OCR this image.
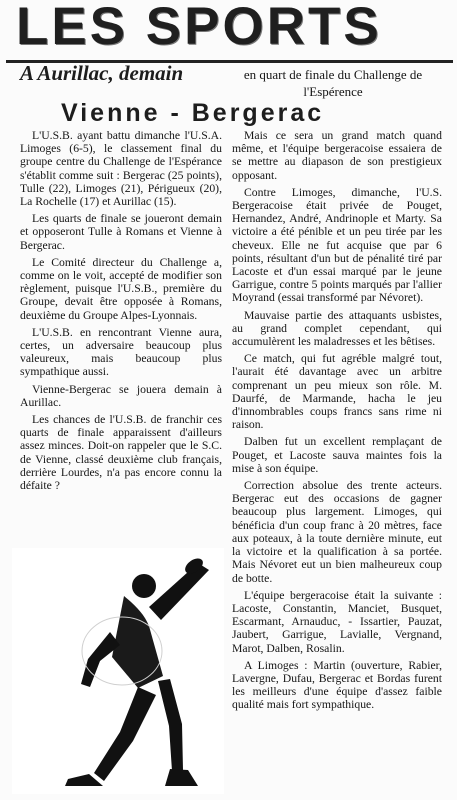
LES SPORTS
A Aurillac, demain	en quart de finale du Challenge de l'Espérence
Vienne - Bergerac

L'U.S.B. ayant battu dimanche l'U.S.A. Limoges (6-5), le classement final du groupe centre du Challenge de l'Espérance s'établit comme suit : Bergerac (25 points), Tulle (22), Limoges (21), Périgueux (20), La Rochelle (17) et Aurillac (15).

Les quarts de finale se joueront demain et opposeront Tulle à Romans et Vienne à Bergerac.

Le Comité directeur du Challenge a, comme on le voit, accepté de modifier son règlement, puisque l'U.S.B., première du Groupe, devait être opposée à Romans, deuxième du Groupe Alpes-Lyonnais.

L'U.S.B. en rencontrant Vienne aura, certes, un adversaire beaucoup plus valeureux, mais beaucoup plus sympathique aussi.

Vienne-Bergerac se jouera demain à Aurillac.

Les chances de l'U.S.B. de franchir ces quarts de finale apparaissent d'ailleurs assez minces. Doit-on rappeler que le S.C. de Vienne, classé deuxième club français, derrière Lourdes, n'a pas encore connu la défaite ?

Mais ce sera un grand match quand même, et l'équipe bergeracoise essaiera de se mettre au diapason de son prestigieux opposant.

Contre Limoges, dimanche, l'U.S. Bergeracoise était privée de Pouget, Hernandez, André, Andrinople et Marty. Sa victoire a été pénible et un peu tirée par les cheveux. Elle ne fut acquise que par 6 points, résultant d'un but de pénalité tiré par Lacoste et d'un essai marqué par le jeune Garrigue, contre 5 points marqués par l'allier Moyrand (essai transformé par Névoret).

Mauvaise partie des attaquants usbistes, au grand complet cependant, qui accumulèrent les maladresses et les bêtises.

Ce match, qui fut agréble malgré tout, l'aurait été davantage avec un arbitre comprenant un peu mieux son rôle. M. Daurfé, de Marmande, hacha le jeu d'innombrables coups francs sans rime ni raison.

Dalben fut un excellent remplaçant de Pouget, et Lacoste sauva maintes fois la mise à son équipe.

Correction absolue des trente acteurs. Bergerac eut des occasions de gagner beaucoup plus largement. Limoges, qui bénéficia d'un coup franc à 20 mètres, face aux poteaux, à la toute dernière minute, eut la victoire et la qualification à sa portée. Mais Névoret eut un bien malheureux coup de botte.

L'équipe bergeracoise était la suivante : Lacoste, Constantin, Manciet, Busquet, Escarmant, Arnauduc, - Issartier, Pauzat, Jaubert, Garrigue, Lavialle, Vergnand, Marot, Dalben, Rosalin.

A Limoges : Martin (ouverture, Rabier, Lavergne, Dufau, Bergerac et Bordas furent les meilleurs d'une équipe d'assez faible qualité mais fort sympathique.
